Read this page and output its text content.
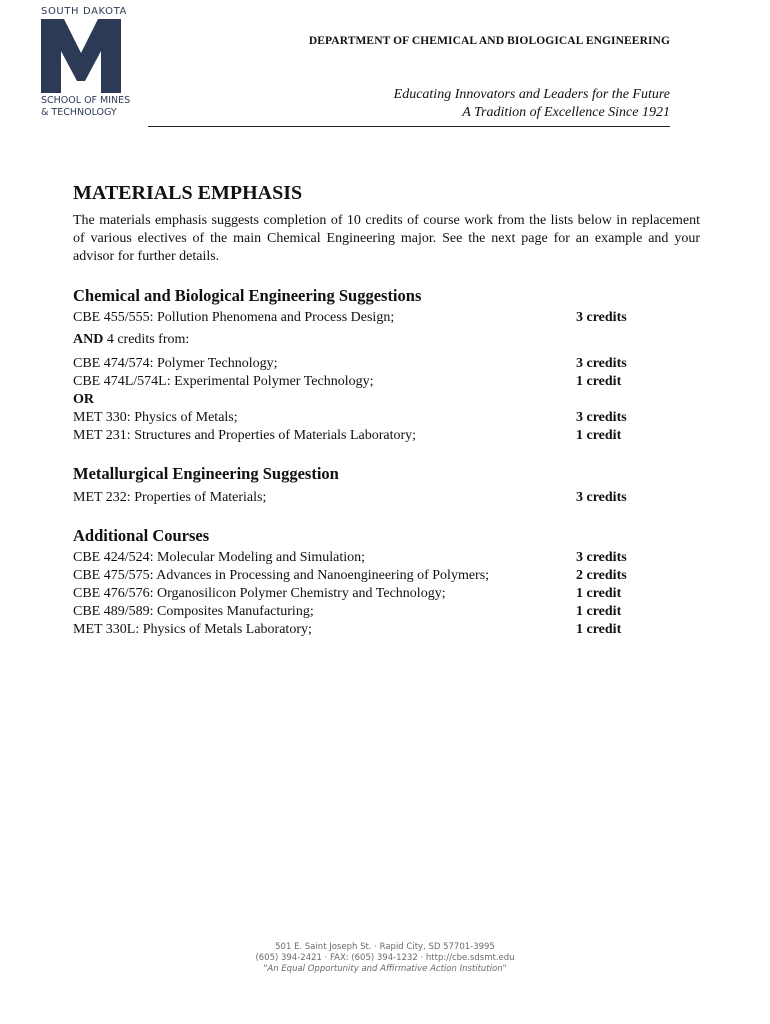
SOUTH DAKOTA
SCHOOL OF MINES
& TECHNOLOGY
DEPARTMENT OF CHEMICAL AND BIOLOGICAL ENGINEERING
Educating Innovators and Leaders for the Future
A Tradition of Excellence Since 1921
MATERIALS EMPHASIS

The materials emphasis suggests completion of 10 credits of course work from the lists below in replacement of various electives of the main Chemical Engineering major. See the next page for an example and your advisor for further details.

Chemical and Biological Engineering Suggestions
CBE 455/555: Pollution Phenomena and Process Design;	3 credits
AND 4 credits from:
CBE 474/574: Polymer Technology;	3 credits
CBE 474L/574L: Experimental Polymer Technology;	1 credit
OR
MET 330: Physics of Metals;	3 credits
MET 231: Structures and Properties of Materials Laboratory;	1 credit
Metallurgical Engineering Suggestion
MET 232: Properties of Materials;	3 credits
Additional Courses
CBE 424/524: Molecular Modeling and Simulation;	3 credits
CBE 475/575: Advances in Processing and Nanoengineering of Polymers;	2 credits
CBE 476/576: Organosilicon Polymer Chemistry and Technology;	1 credit
CBE 489/589: Composites Manufacturing;	1 credit
MET 330L: Physics of Metals Laboratory;	1 credit
501 E. Saint Joseph St. · Rapid City, SD 57701-3995
(605) 394-2421 · FAX: (605) 394-1232 · http://cbe.sdsmt.edu
"An Equal Opportunity and Affirmative Action Institution"
